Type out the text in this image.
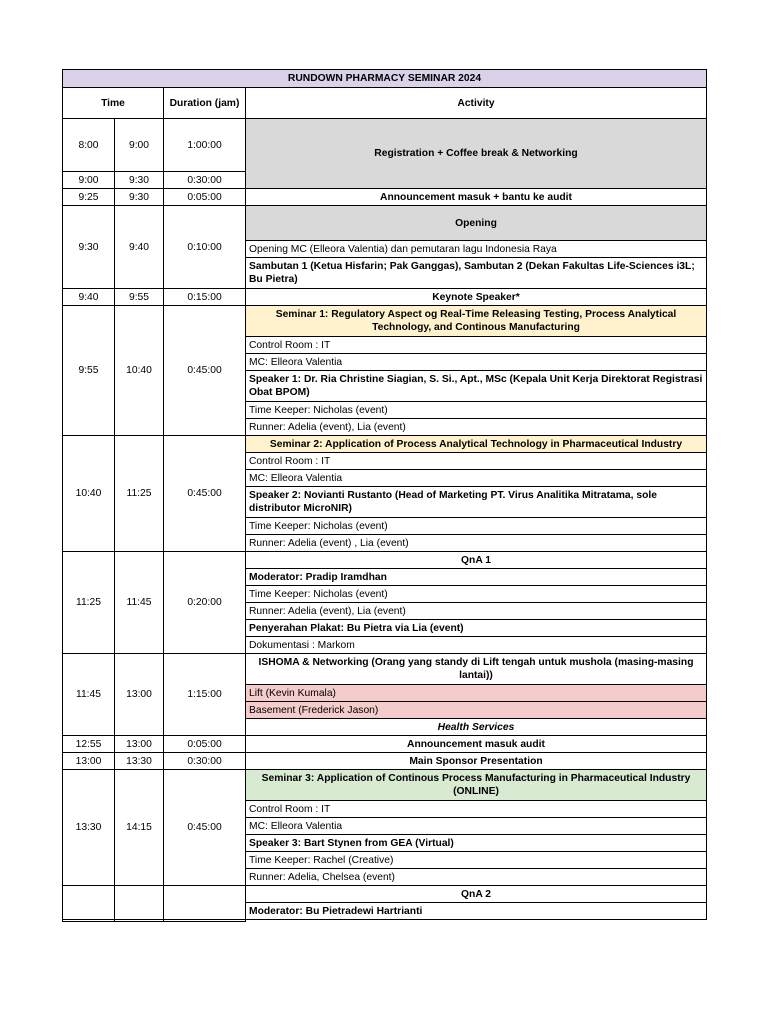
RUNDOWN PHARMACY SEMINAR 2024			
Time		Duration (jam)	Activity
8:00	9:00	1:00:00	Registration + Coffee break & Networking
9:00	9:30	0:30:00	
9:25	9:30	0:05:00	Announcement masuk + bantu ke audit
9:30	9:40	0:10:00	Opening
			Opening MC (Elleora Valentia) dan pemutaran lagu Indonesia Raya
			Sambutan 1 (Ketua Hisfarin; Pak Ganggas), Sambutan 2 (Dekan Fakultas Life-Sciences i3L; Bu Pietra)
9:40	9:55	0:15:00	Keynote Speaker*
9:55	10:40	0:45:00	Seminar 1: Regulatory Aspect og Real-Time Releasing Testing, Process Analytical Technology, and Continous Manufacturing
			Control Room : IT
			MC: Elleora Valentia
			Speaker 1: Dr. Ria Christine Siagian, S. Si., Apt., MSc (Kepala Unit Kerja Direktorat Registrasi Obat BPOM)
			Time Keeper: Nicholas (event)
			Runner: Adelia (event), Lia (event)
10:40	11:25	0:45:00	Seminar 2: Application of Process Analytical Technology in Pharmaceutical Industry
			Control Room : IT
			MC: Elleora Valentia
			Speaker 2: Novianti Rustanto (Head of Marketing PT. Virus Analitika Mitratama, sole distributor MicroNIR)
			Time Keeper: Nicholas (event)
			Runner: Adelia (event) , Lia (event)
11:25	11:45	0:20:00	QnA 1
			Moderator: Pradip Iramdhan
			Time Keeper: Nicholas (event)
			Runner: Adelia (event), Lia (event)
			Penyerahan Plakat: Bu Pietra via Lia (event)
			Dokumentasi : Markom
11:45	13:00	1:15:00	ISHOMA & Networking (Orang yang standy di Lift tengah untuk mushola (masing-masing lantai))
			Lift (Kevin Kumala)
			Basement (Frederick Jason)
			Health Services
12:55	13:00	0:05:00	Announcement masuk audit
13:00	13:30	0:30:00	Main Sponsor Presentation
13:30	14:15	0:45:00	Seminar 3: Application of Continous Process Manufacturing in Pharmaceutical Industry (ONLINE)
			Control Room : IT
			MC: Elleora Valentia
			Speaker 3: Bart Stynen from GEA (Virtual)
			Time Keeper: Rachel (Creative)
			Runner: Adelia, Chelsea (event)
			QnA 2
			Moderator: Bu Pietradewi Hartrianti
